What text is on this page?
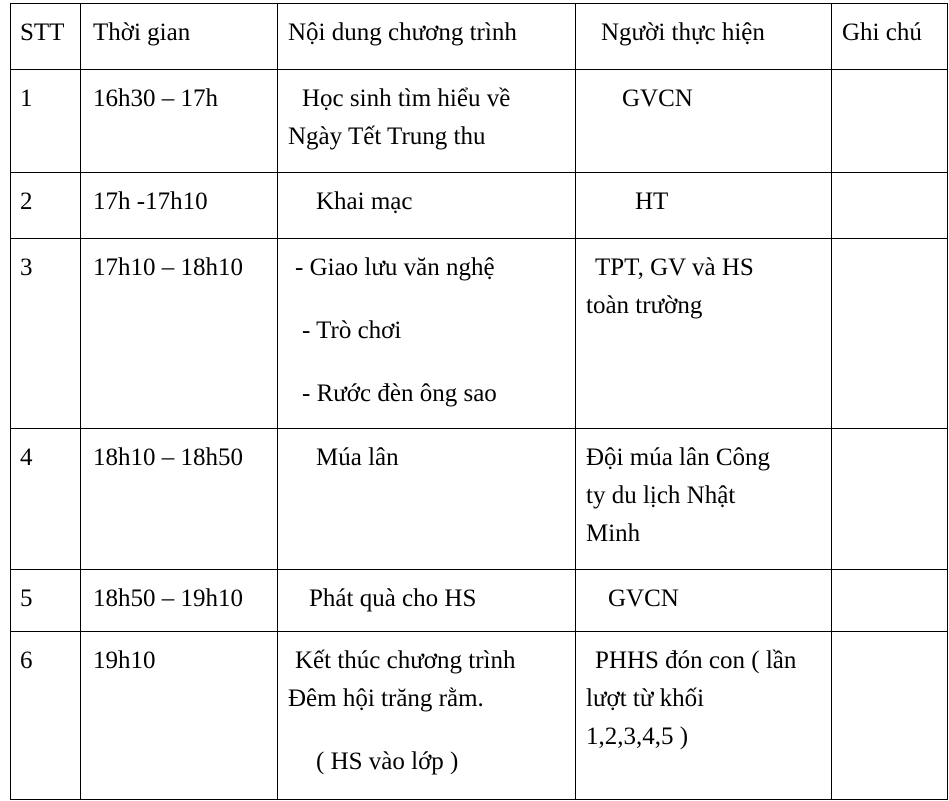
STT	Thời gian	Nội dung chương trình	Người thực hiện	Ghi chú
1	16h30 – 17h	Học sinh tìm hiểu về
Ngày Tết Trung thu	GVCN	

2	17h -17h10	Khai mạc	HT	

3	17h10 – 18h10	- Giao lưu văn nghệ
- Trò chơi
- Rước đèn ông sao	TPT, GV và HS
toàn trường	

4	18h10 – 18h50	Múa lân	Đội múa lân Công
ty du lịch Nhật
Minh	

5	18h50 – 19h10	Phát quà cho HS	GVCN	

6	19h10	Kết thúc chương trình
Đêm hội trăng rằm.
( HS vào lớp )	PHHS đón con ( lần
lượt từ khối
1,2,3,4,5 )	
